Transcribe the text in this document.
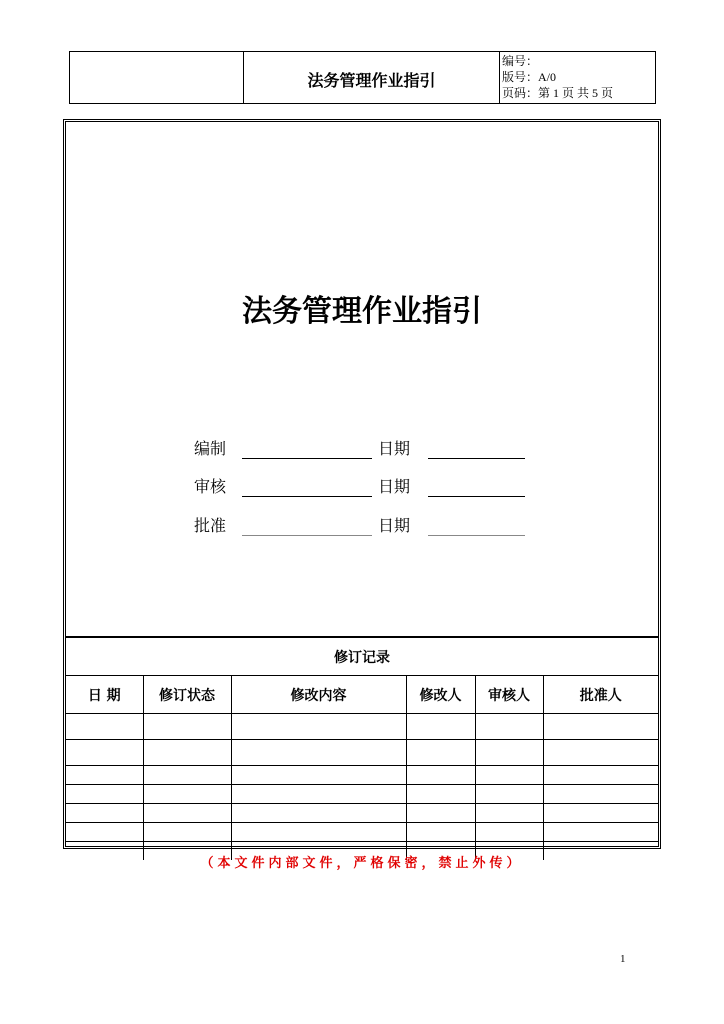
法务管理作业指引
编号：
版号：A/0
页码：第 1 页 共 5 页
法务管理作业指引
编制	日期
审核	日期
批准	日期
修订记录					
日 期	修订状态	修改内容	修改人	审核人	批准人

（本文件内部文件，严格保密，禁止外传）
1
